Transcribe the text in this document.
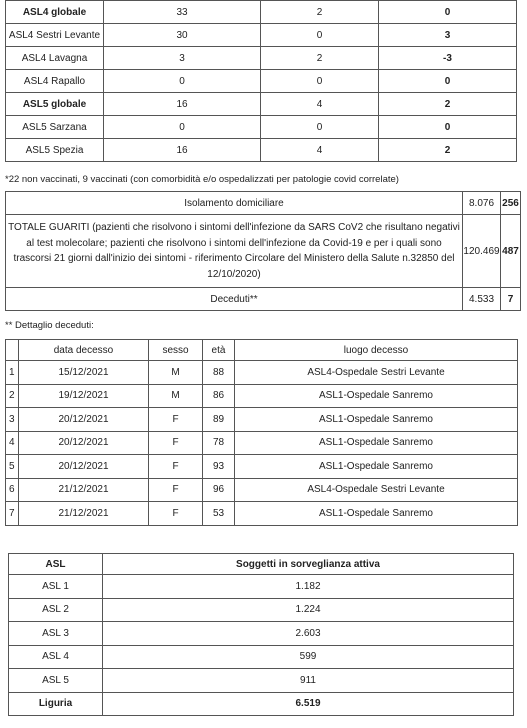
ASL4 globale	33	2	0
ASL4 Sestri Levante	30	0	3
ASL4 Lavagna	3	2	-3
ASL4 Rapallo	0	0	0
ASL5 globale	16	4	2
ASL5 Sarzana	0	0	0
ASL5 Spezia	16	4	2
*22 non vaccinati, 9 vaccinati (con comorbidità e/o ospedalizzati per patologie covid correlate)
Isolamento domiciliare	8.076	256
TOTALE GUARITI (pazienti che risolvono i sintomi dell'infezione da SARS CoV2 che risultano negativi al test molecolare; pazienti che risolvono i sintomi dell'infezione da Covid-19 e per i quali sono trascorsi 21 giorni dall'inizio dei sintomi - riferimento Circolare del Ministero della Salute n.32850 del 12/10/2020)	120.469	487
Deceduti**	4.533	7
** Dettaglio deceduti:
	data decesso	sesso	età	luogo decesso
1	15/12/2021	M	88	ASL4-Ospedale Sestri Levante
2	19/12/2021	M	86	ASL1-Ospedale Sanremo
3	20/12/2021	F	89	ASL1-Ospedale Sanremo
4	20/12/2021	F	78	ASL1-Ospedale Sanremo
5	20/12/2021	F	93	ASL1-Ospedale Sanremo
6	21/12/2021	F	96	ASL4-Ospedale Sestri Levante
7	21/12/2021	F	53	ASL1-Ospedale Sanremo
ASL	Soggetti in sorveglianza attiva
ASL 1	1.182
ASL 2	1.224
ASL 3	2.603
ASL 4	599
ASL 5	911
Liguria	6.519
